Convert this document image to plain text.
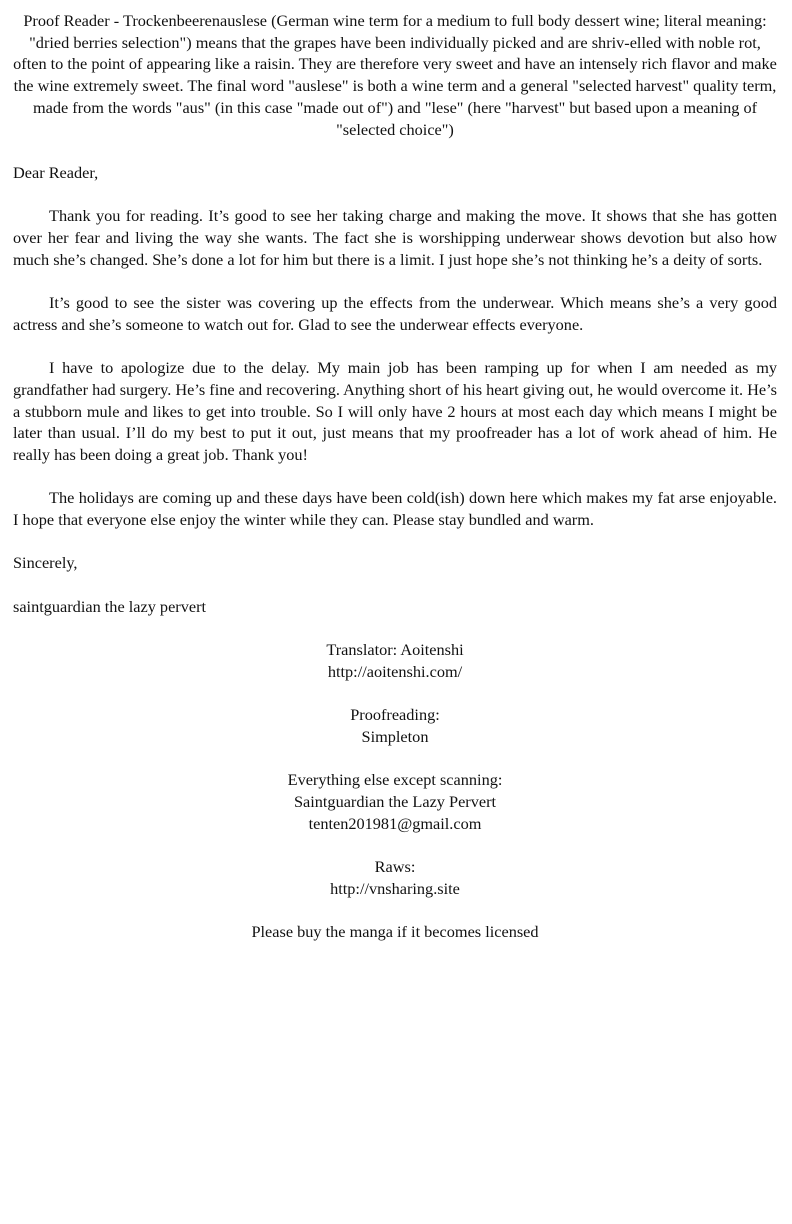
Proof Reader - Trockenbeerenauslese (German wine term for a medium to full body dessert wine; literal meaning: "dried berries selection") means that the grapes have been individually picked and are shriv-elled with noble rot, often to the point of appearing like a raisin. They are therefore very sweet and have an intensely rich flavor and make the wine extremely sweet. The final word "auslese" is both a wine term and a general "selected harvest" quality term, made from the words "aus" (in this case "made out of") and "lese" (here "harvest" but based upon a meaning of "selected choice")

Dear Reader,

Thank you for reading. It’s good to see her taking charge and making the move. It shows that she has gotten over her fear and living the way she wants. The fact she is worshipping underwear shows devotion but also how much she’s changed. She’s done a lot for him but there is a limit. I just hope she’s not thinking he’s a deity of sorts.

It’s good to see the sister was covering up the effects from the underwear. Which means she’s a very good actress and she’s someone to watch out for. Glad to see the underwear effects everyone.

I have to apologize due to the delay. My main job has been ramping up for when I am needed as my grandfather had surgery. He’s fine and recovering. Anything short of his heart giving out, he would overcome it. He’s a stubborn mule and likes to get into trouble. So I will only have 2 hours at most each day which means I might be later than usual. I’ll do my best to put it out, just means that my proofreader has a lot of work ahead of him. He really has been doing a great job. Thank you!

The holidays are coming up and these days have been cold(ish) down here which makes my fat arse enjoyable. I hope that everyone else enjoy the winter while they can. Please stay bundled and warm.

Sincerely,

saintguardian the lazy pervert

Translator: Aoitenshi
http://aoitenshi.com/
Proofreading:
Simpleton
Everything else except scanning:
Saintguardian the Lazy Pervert
tenten201981@gmail.com
Raws:
http://vnsharing.site
Please buy the manga if it becomes licensed
